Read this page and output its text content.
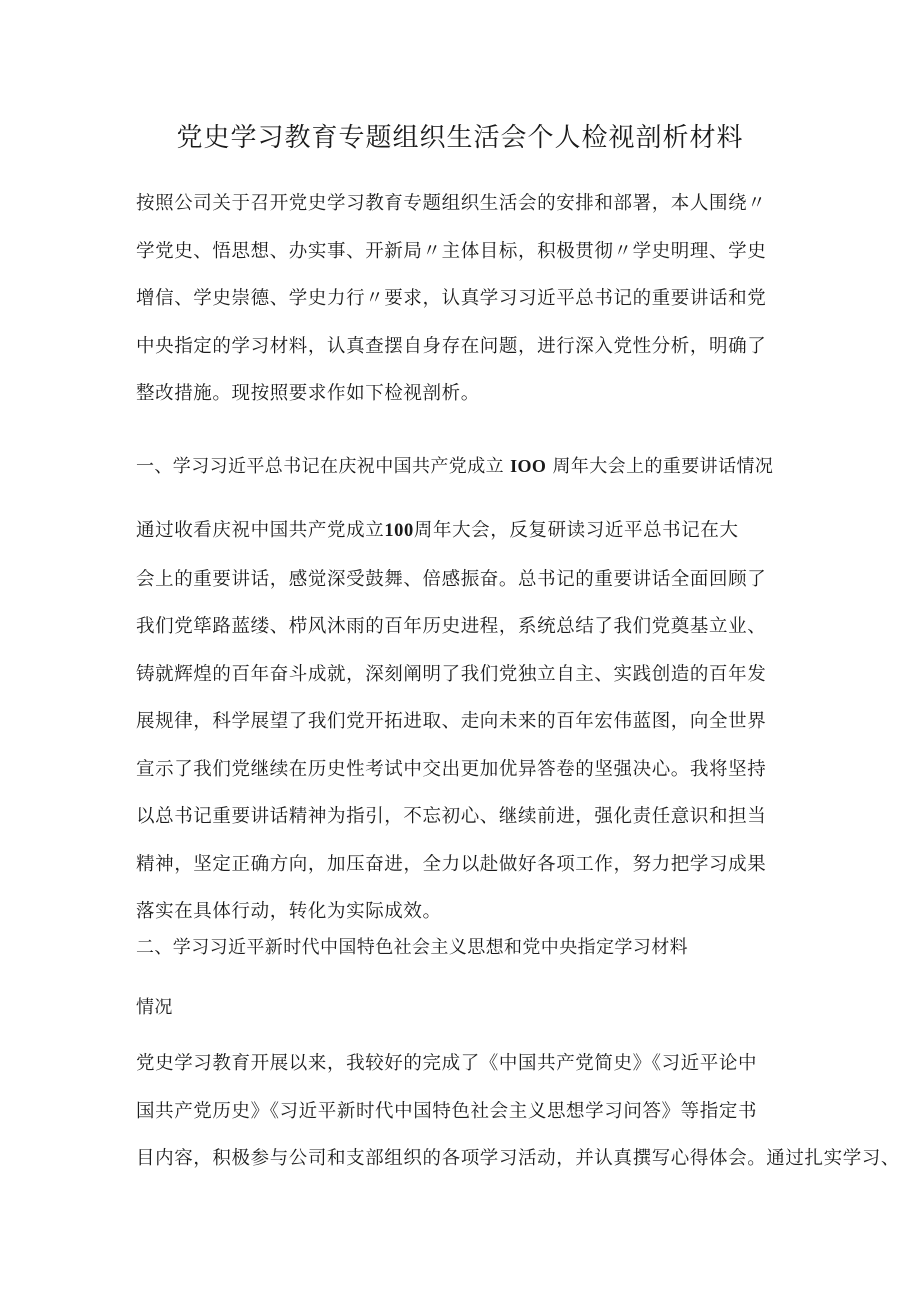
党史学习教育专题组织生活会个人检视剖析材料
按照公司关于召开党史学习教育专题组织生活会的安排和部署，本人围绕〃
学党史、悟思想、办实事、开新局〃主体目标，积极贯彻〃学史明理、学史
增信、学史崇德、学史力行〃要求，认真学习习近平总书记的重要讲话和党
中央指定的学习材料，认真查摆自身存在问题，进行深入党性分析，明确了
整改措施。现按照要求作如下检视剖析。
一、学习习近平总书记在庆祝中国共产党成立 IOO 周年大会上的重要讲话情况
通过收看庆祝中国共产党成立100周年大会，反复研读习近平总书记在大
会上的重要讲话，感觉深受鼓舞、倍感振奋。总书记的重要讲话全面回顾了
我们党筚路蓝缕、栉风沐雨的百年历史进程，系统总结了我们党奠基立业、
铸就辉煌的百年奋斗成就，深刻阐明了我们党独立自主、实践创造的百年发
展规律，科学展望了我们党开拓进取、走向未来的百年宏伟蓝图，向全世界
宣示了我们党继续在历史性考试中交出更加优异答卷的坚强决心。我将坚持
以总书记重要讲话精神为指引，不忘初心、继续前进，强化责任意识和担当
精神，坚定正确方向，加压奋进，全力以赴做好各项工作，努力把学习成果
落实在具体行动，转化为实际成效。
二、学习习近平新时代中国特色社会主义思想和党中央指定学习材料
情况
党史学习教育开展以来，我较好的完成了《中国共产党简史》《习近平论中
国共产党历史》《习近平新时代中国特色社会主义思想学习问答》等指定书
目内容，积极参与公司和支部组织的各项学习活动，并认真撰写心得体会。通过扎实学习、
